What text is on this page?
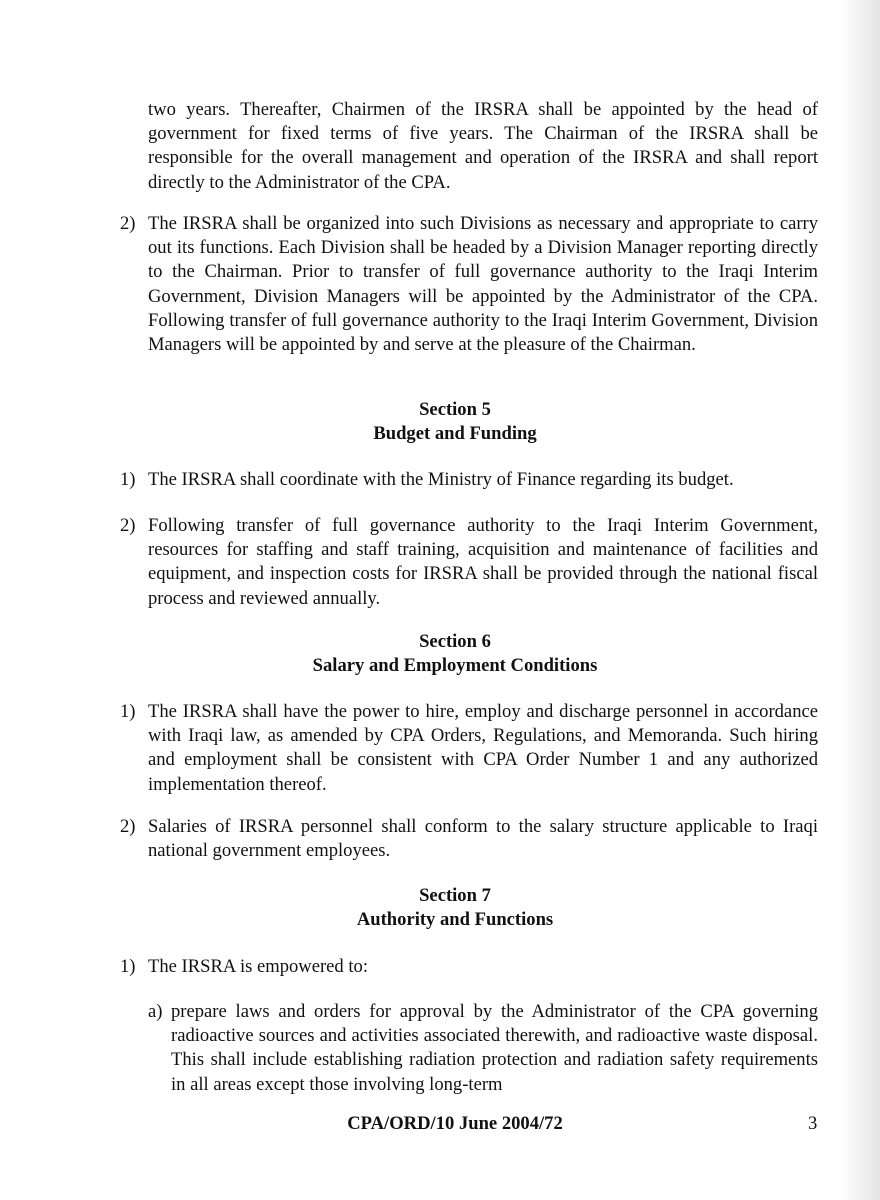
two years. Thereafter, Chairmen of the IRSRA shall be appointed by the head of government for fixed terms of five years. The Chairman of the IRSRA shall be responsible for the overall management and operation of the IRSRA and shall report directly to the Administrator of the CPA.

2) The IRSRA shall be organized into such Divisions as necessary and appropriate to carry out its functions. Each Division shall be headed by a Division Manager reporting directly to the Chairman. Prior to transfer of full governance authority to the Iraqi Interim Government, Division Managers will be appointed by the Administrator of the CPA. Following transfer of full governance authority to the Iraqi Interim Government, Division Managers will be appointed by and serve at the pleasure of the Chairman.
Section 5
Budget and Funding
1) The IRSRA shall coordinate with the Ministry of Finance regarding its budget.
2) Following transfer of full governance authority to the Iraqi Interim Government, resources for staffing and staff training, acquisition and maintenance of facilities and equipment, and inspection costs for IRSRA shall be provided through the national fiscal process and reviewed annually.
Section 6
Salary and Employment Conditions
1) The IRSRA shall have the power to hire, employ and discharge personnel in accordance with Iraqi law, as amended by CPA Orders, Regulations, and Memoranda. Such hiring and employment shall be consistent with CPA Order Number 1 and any authorized implementation thereof.
2) Salaries of IRSRA personnel shall conform to the salary structure applicable to Iraqi national government employees.
Section 7
Authority and Functions
1) The IRSRA is empowered to:
a) prepare laws and orders for approval by the Administrator of the CPA governing radioactive sources and activities associated therewith, and radioactive waste disposal. This shall include establishing radiation protection and radiation safety requirements in all areas except those involving long-term
CPA/ORD/10 June 2004/72	3
